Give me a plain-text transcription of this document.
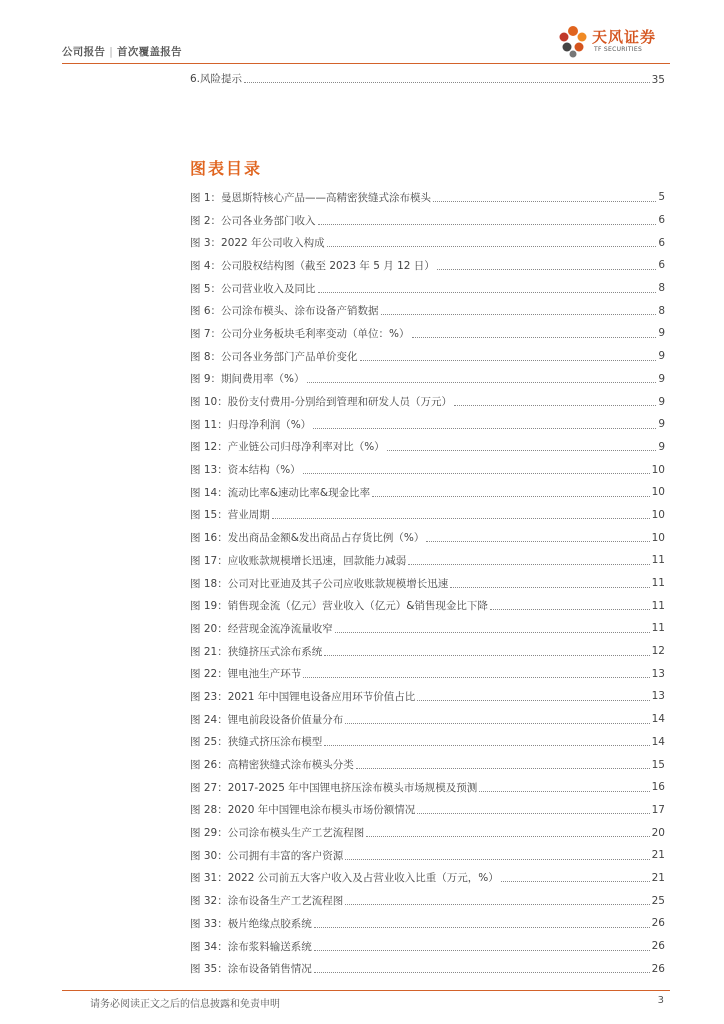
公司报告 | 首次覆盖报告
天风证券
TF SECURITIES
6.风险提示	35
图表目录
图 1：曼恩斯特核心产品——高精密狭缝式涂布模头	5
图 2：公司各业务部门收入	6
图 3：2022 年公司收入构成	6
图 4：公司股权结构图（截至 2023 年 5 月 12 日）	6
图 5：公司营业收入及同比	8
图 6：公司涂布模头、涂布设备产销数据	8
图 7：公司分业务板块毛利率变动（单位：%）	9
图 8：公司各业务部门产品单价变化	9
图 9：期间费用率（%）	9
图 10：股份支付费用-分别给到管理和研发人员（万元）	9
图 11：归母净利润（%）	9
图 12：产业链公司归母净利率对比（%）	9
图 13：资本结构（%）	10
图 14：流动比率&速动比率&现金比率	10
图 15：营业周期	10
图 16：发出商品金额&发出商品占存货比例（%）	10
图 17：应收账款规模增长迅速，回款能力减弱	11
图 18：公司对比亚迪及其子公司应收账款规模增长迅速	11
图 19：销售现金流（亿元）营业收入（亿元）&销售现金比下降	11
图 20：经营现金流净流量收窄	11
图 21：狭缝挤压式涂布系统	12
图 22：锂电池生产环节	13
图 23：2021 年中国锂电设备应用环节价值占比	13
图 24：锂电前段设备价值量分布	14
图 25：狭缝式挤压涂布模型	14
图 26：高精密狭缝式涂布模头分类	15
图 27：2017-2025 年中国锂电挤压涂布模头市场规模及预测	16
图 28：2020 年中国锂电涂布模头市场份额情况	17
图 29：公司涂布模头生产工艺流程图	20
图 30：公司拥有丰富的客户资源	21
图 31：2022 公司前五大客户收入及占营业收入比重（万元，%）	21
图 32：涂布设备生产工艺流程图	25
图 33：极片绝缘点胶系统	26
图 34：涂布浆料输送系统	26
图 35：涂布设备销售情况	26
请务必阅读正文之后的信息披露和免责申明	3
